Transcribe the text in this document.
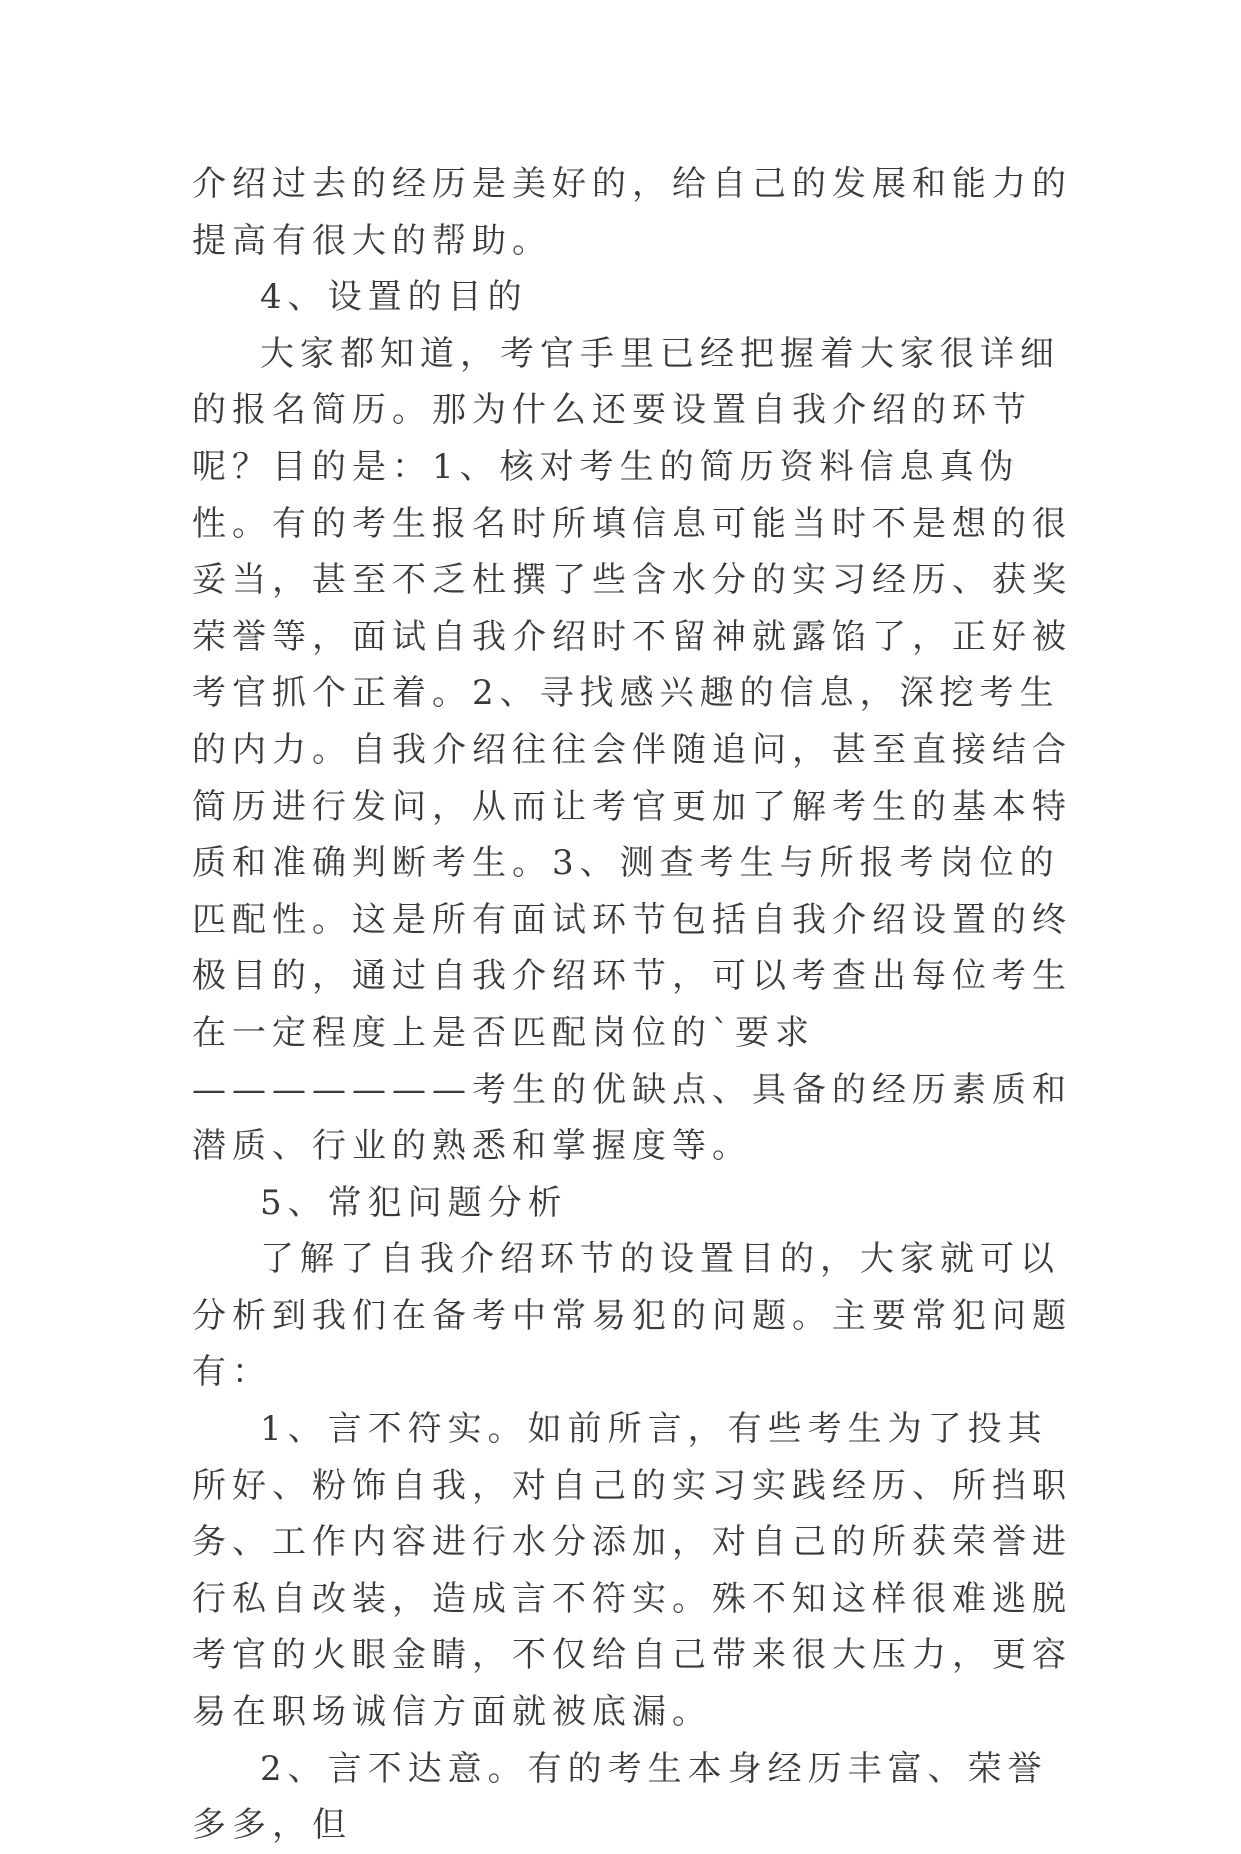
介绍过去的经历是美好的，给自己的发展和能力的提高有很大的帮助。

4、设置的目的

大家都知道，考官手里已经把握着大家很详细的报名简历。那为什么还要设置自我介绍的环节呢？目的是：1、核对考生的简历资料信息真伪性。有的考生报名时所填信息可能当时不是想的很妥当，甚至不乏杜撰了些含水分的实习经历、获奖荣誉等，面试自我介绍时不留神就露馅了，正好被考官抓个正着。2、寻找感兴趣的信息，深挖考生的内力。自我介绍往往会伴随追问，甚至直接结合简历进行发问，从而让考官更加了解考生的基本特质和准确判断考生。3、测查考生与所报考岗位的匹配性。这是所有面试环节包括自我介绍设置的终极目的，通过自我介绍环节，可以考查出每位考生在一定程度上是否匹配岗位的`要求———————考生的优缺点、具备的经历素质和潜质、行业的熟悉和掌握度等。

5、常犯问题分析

了解了自我介绍环节的设置目的，大家就可以分析到我们在备考中常易犯的问题。主要常犯问题有：

1、言不符实。如前所言，有些考生为了投其所好、粉饰自我，对自己的实习实践经历、所挡职务、工作内容进行水分添加，对自己的所获荣誉进行私自改装，造成言不符实。殊不知这样很难逃脱考官的火眼金睛，不仅给自己带来很大压力，更容易在职场诚信方面就被底漏。

2、言不达意。有的考生本身经历丰富、荣誉多多，但
